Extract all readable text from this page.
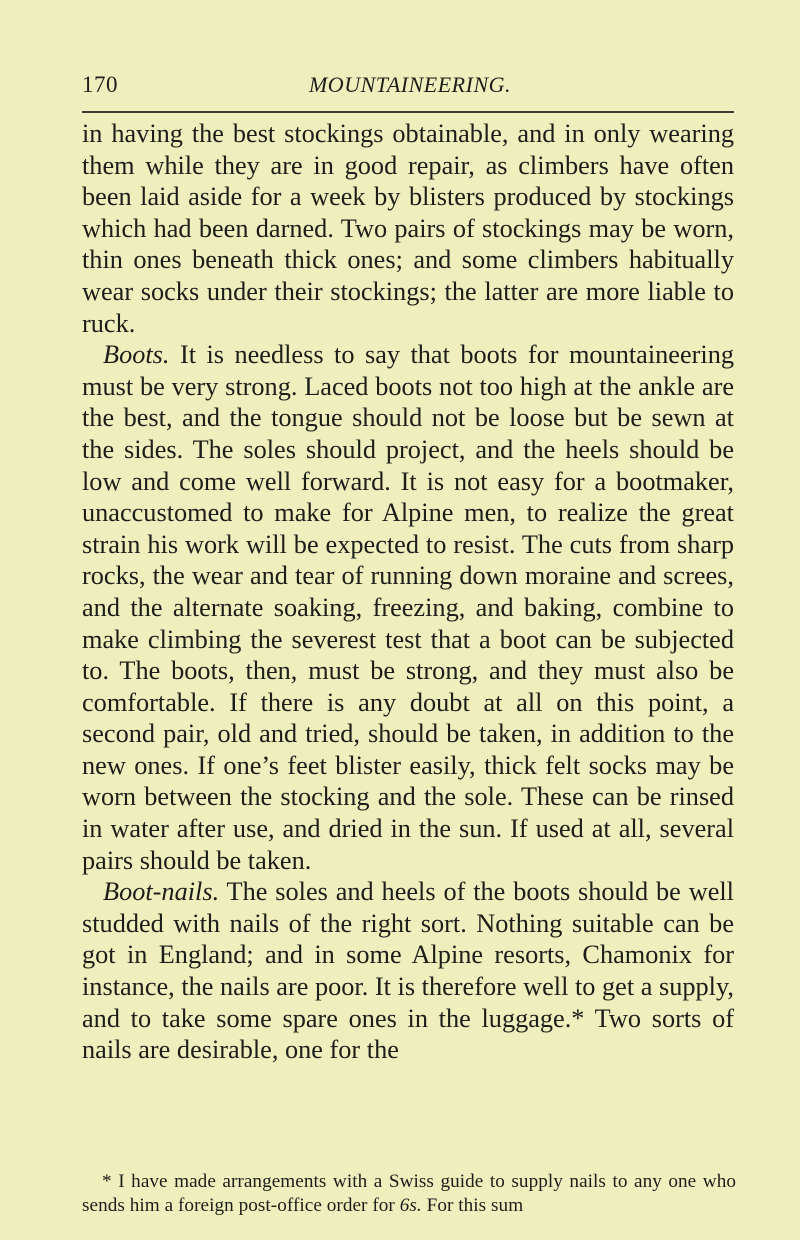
170	MOUNTAINEERING.

in having the best stockings obtainable, and in only wearing them while they are in good repair, as climbers have often been laid aside for a week by blisters produced by stockings which had been darned. Two pairs of stockings may be worn, thin ones beneath thick ones; and some climbers habitually wear socks under their stockings; the latter are more liable to ruck.

Boots. It is needless to say that boots for mountaineering must be very strong. Laced boots not too high at the ankle are the best, and the tongue should not be loose but be sewn at the sides. The soles should project, and the heels should be low and come well forward. It is not easy for a bootmaker, unaccustomed to make for Alpine men, to realize the great strain his work will be expected to resist. The cuts from sharp rocks, the wear and tear of running down moraine and screes, and the alternate soaking, freezing, and baking, combine to make climbing the severest test that a boot can be subjected to. The boots, then, must be strong, and they must also be comfortable. If there is any doubt at all on this point, a second pair, old and tried, should be taken, in addition to the new ones. If one’s feet blister easily, thick felt socks may be worn between the stocking and the sole. These can be rinsed in water after use, and dried in the sun. If used at all, several pairs should be taken.

Boot-nails. The soles and heels of the boots should be well studded with nails of the right sort. Nothing suitable can be got in England; and in some Alpine resorts, Chamonix for instance, the nails are poor. It is therefore well to get a supply, and to take some spare ones in the luggage.* Two sorts of nails are desirable, one for the

* I have made arrangements with a Swiss guide to supply nails to any one who sends him a foreign post-office order for 6s. For this sum
